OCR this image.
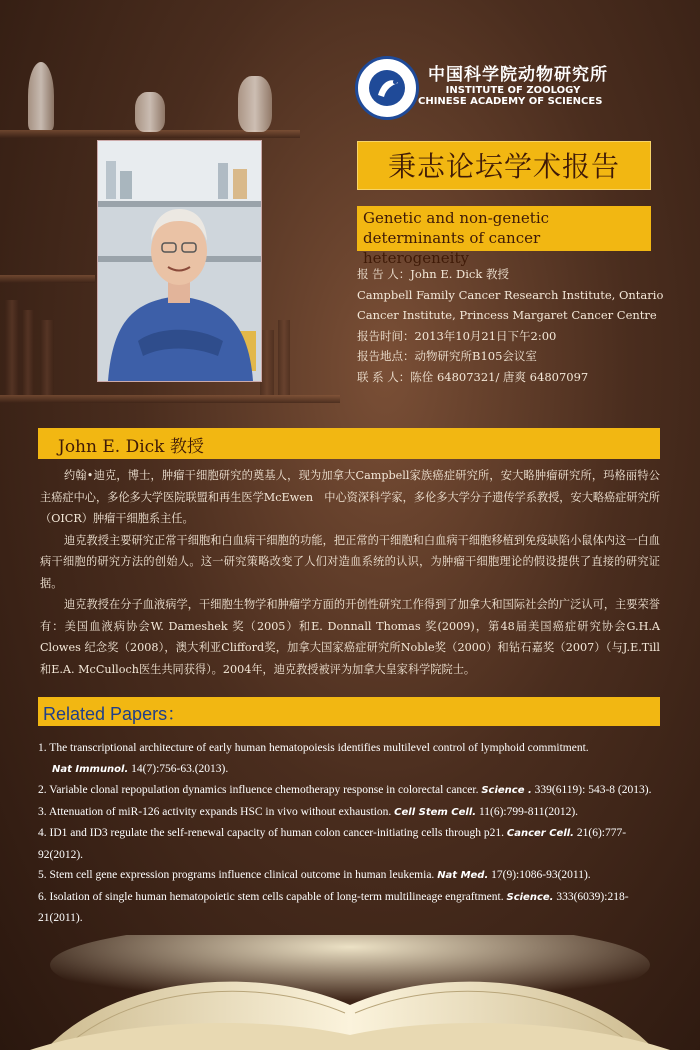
中国科学院动物研究所
INSTITUTE OF ZOOLOGY
CHINESE ACADEMY OF SCIENCES
秉志论坛学术报告
Genetic and non-genetic determinants of cancer heterogeneity
报 告 人：John E. Dick 教授
Campbell Family Cancer Research Institute, Ontario
Cancer Institute, Princess Margaret Cancer Centre
报告时间：2013年10月21日下午2:00
报告地点：动物研究所B105会议室
联 系 人：陈佺 64807321/ 唐爽 64807097
John E. Dick 教授

约翰•迪克，博士，肿瘤干细胞研究的奠基人，现为加拿大Campbell家族癌症研究所，安大略肿瘤研究所，玛格丽特公主癌症中心，多伦多大学医院联盟和再生医学McEwen　中心资深科学家，多伦多大学分子遗传学系教授，安大略癌症研究所（OICR）肿瘤干细胞系主任。

迪克教授主要研究正常干细胞和白血病干细胞的功能，把正常的干细胞和白血病干细胞移植到免疫缺陷小鼠体内这一白血病干细胞的研究方法的创始人。这一研究策略改变了人们对造血系统的认识，为肿瘤干细胞理论的假设提供了直接的研究证据。

迪克教授在分子血液病学，干细胞生物学和肿瘤学方面的开创性研究工作得到了加拿大和国际社会的广泛认可，主要荣誉有：美国血液病协会W. Dameshek 奖（2005）和E. Donnall Thomas 奖(2009)，第48届美国癌症研究协会G.H.A Clowes 纪念奖（2008），澳大利亚Clifford奖，加拿大国家癌症研究所Noble奖（2000）和钻石嘉奖（2007）（与J.E.Till和E.A. McCulloch医生共同获得）。2004年，迪克教授被评为加拿大皇家科学院院士。

Related Papers：

1. The transcriptional architecture of early human hematopoiesis identifies multilevel control of lymphoid commitment.
Nat Immunol. 14(7):756-63.(2013).

2. Variable clonal repopulation dynamics influence chemotherapy response in colorectal cancer. Science . 339(6119): 543-8 (2013).

3. Attenuation of miR-126 activity expands HSC in vivo without exhaustion. Cell Stem Cell. 11(6):799-811(2012).

4. ID1 and ID3 regulate the self-renewal capacity of human colon cancer-initiating cells through p21. Cancer Cell. 21(6):777-92(2012).

5. Stem cell gene expression programs influence clinical outcome in human leukemia. Nat Med. 17(9):1086-93(2011).

6. Isolation of single human hematopoietic stem cells capable of long-term multilineage engraftment. Science. 333(6039):218-21(2011).
